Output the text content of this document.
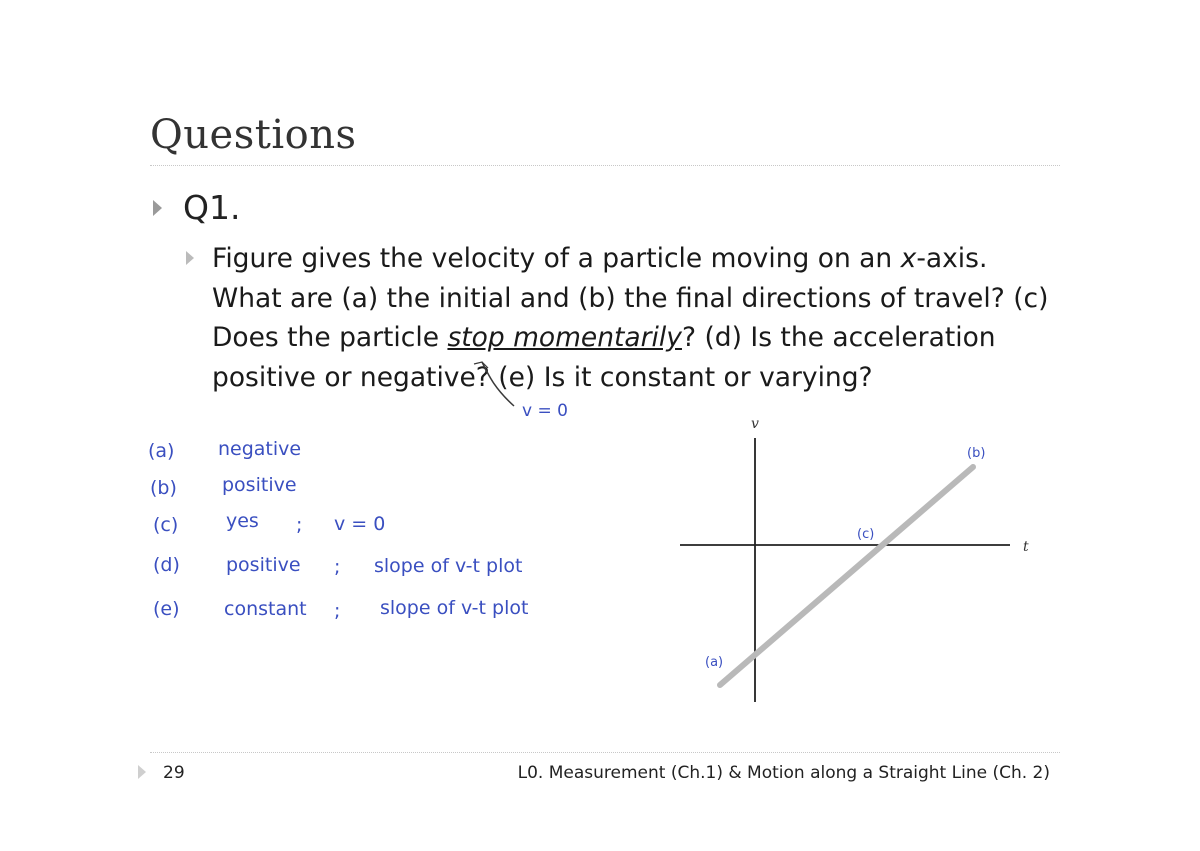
Questions
Q1.
Figure gives the velocity of a particle moving on an x-axis. What are (a) the initial and (b) the final directions of travel? (c) Does the particle stop momentarily? (d) Is the acceleration positive or negative? (e) Is it constant or varying?
v = 0
(a) negative
(b) positive
(c)	yes ; v = 0
(d) positive ; slope of v-t plot
(e) constant ; slope of v-t plot
v
t
(b)
(c)
(a)
29	L0. Measurement (Ch.1) & Motion along a Straight Line (Ch. 2)
